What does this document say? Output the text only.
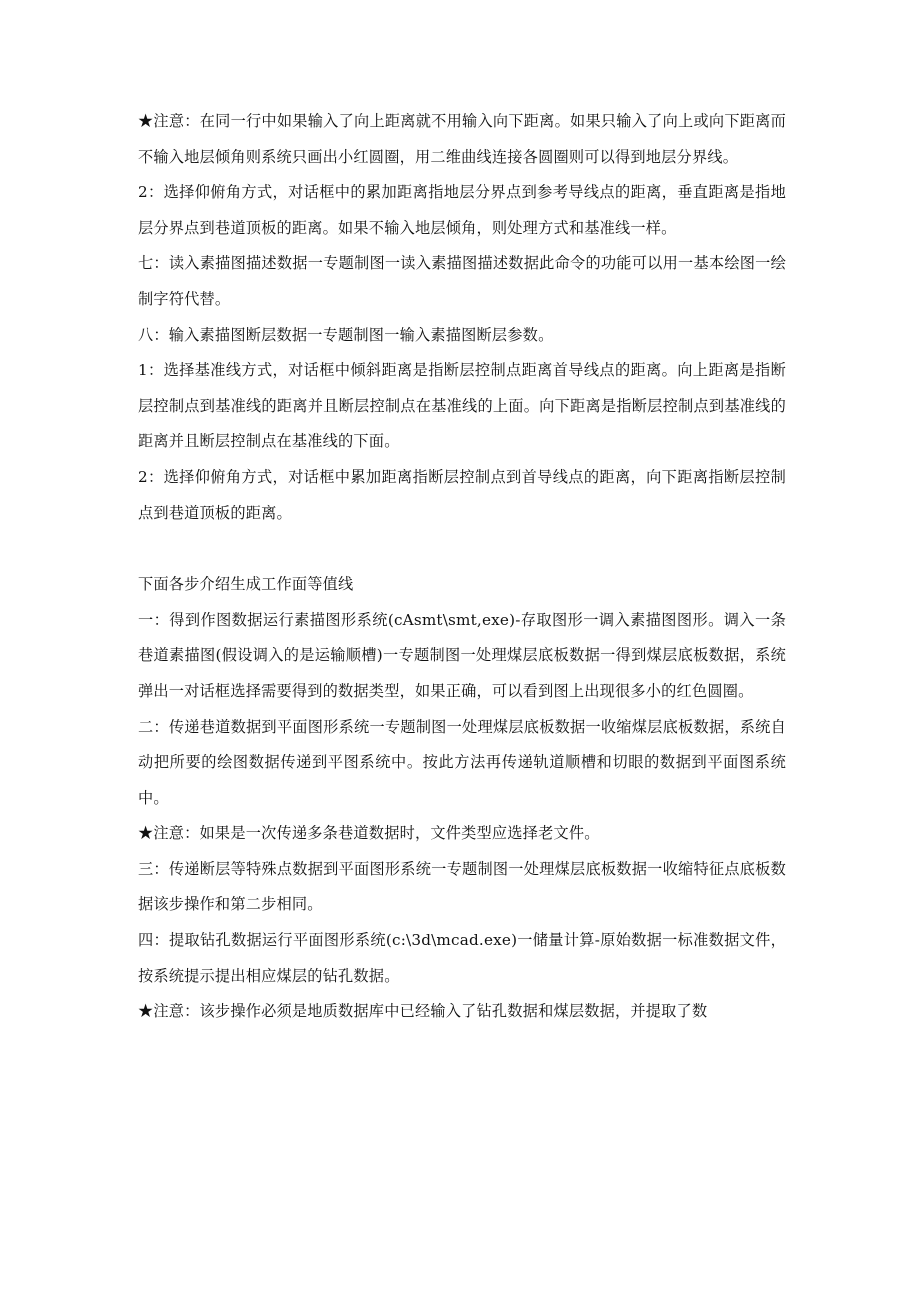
★注意：在同一行中如果输入了向上距离就不用输入向下距离。如果只输入了向上或向下距离而不输入地层倾角则系统只画出小红圆圈，用二维曲线连接各圆圈则可以得到地层分界线。

2：选择仰俯角方式，对话框中的累加距离指地层分界点到参考导线点的距离，垂直距离是指地层分界点到巷道顶板的距离。如果不输入地层倾角，则处理方式和基准线一样。

七：读入素描图描述数据一专题制图一读入素描图描述数据此命令的功能可以用一基本绘图一绘制字符代替。

八：输入素描图断层数据一专题制图一输入素描图断层参数。

1：选择基准线方式，对话框中倾斜距离是指断层控制点距离首导线点的距离。向上距离是指断层控制点到基准线的距离并且断层控制点在基准线的上面。向下距离是指断层控制点到基准线的距离并且断层控制点在基准线的下面。

2：选择仰俯角方式，对话框中累加距离指断层控制点到首导线点的距离，向下距离指断层控制点到巷道顶板的距离。

下面各步介绍生成工作面等值线

一：得到作图数据运行素描图形系统(cAsmt\smt,exe)-存取图形一调入素描图图形。调入一条巷道素描图(假设调入的是运输顺槽)一专题制图一处理煤层底板数据一得到煤层底板数据，系统弹出一对话框选择需要得到的数据类型，如果正确，可以看到图上出现很多小的红色圆圈。

二：传递巷道数据到平面图形系统一专题制图一处理煤层底板数据一收缩煤层底板数据，系统自动把所要的绘图数据传递到平图系统中。按此方法再传递轨道顺槽和切眼的数据到平面图系统中。

★注意：如果是一次传递多条巷道数据时，文件类型应选择老文件。

三：传递断层等特殊点数据到平面图形系统一专题制图一处理煤层底板数据一收缩特征点底板数据该步操作和第二步相同。

四：提取钻孔数据运行平面图形系统(c:\3d\mcad.exe)一储量计算-原始数据一标准数据文件，按系统提示提出相应煤层的钻孔数据。

★注意：该步操作必须是地质数据库中已经输入了钻孔数据和煤层数据，并提取了数
